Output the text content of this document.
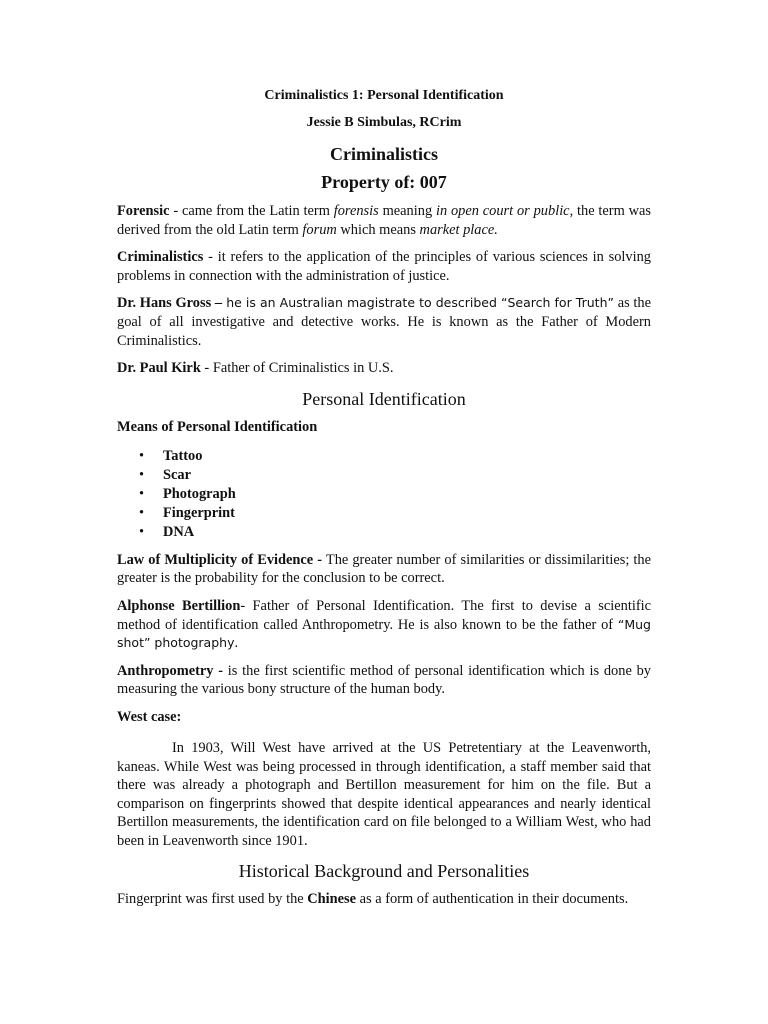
Criminalistics 1: Personal Identification
Jessie B Simbulas, RCrim
Criminalistics
Property of: 007

Forensic - came from the Latin term forensis meaning in open court or public, the term was derived from the old Latin term forum which means market place.

Criminalistics - it refers to the application of the principles of various sciences in solving problems in connection with the administration of justice.

Dr. Hans Gross – he is an Australian magistrate to described “Search for Truth” as the goal of all investigative and detective works. He is known as the Father of Modern Criminalistics.

Dr. Paul Kirk - Father of Criminalistics in U.S.

Personal Identification
Means of Personal Identification
• Tattoo
• Scar
• Photograph
• Fingerprint
• DNA

Law of Multiplicity of Evidence - The greater number of similarities or dissimilarities; the greater is the probability for the conclusion to be correct.

Alphonse Bertillion- Father of Personal Identification. The first to devise a scientific method of identification called Anthropometry. He is also known to be the father of “Mug shot” photography.

Anthropometry - is the first scientific method of personal identification which is done by measuring the various bony structure of the human body.

West case:

In 1903, Will West have arrived at the US Petretentiary at the Leavenworth, kaneas. While West was being processed in through identification, a staff member said that there was already a photograph and Bertillon measurement for him on the file. But a comparison on fingerprints showed that despite identical appearances and nearly identical Bertillon measurements, the identification card on file belonged to a William West, who had been in Leavenworth since 1901.

Historical Background and Personalities

Fingerprint was first used by the Chinese as a form of authentication in their documents.
